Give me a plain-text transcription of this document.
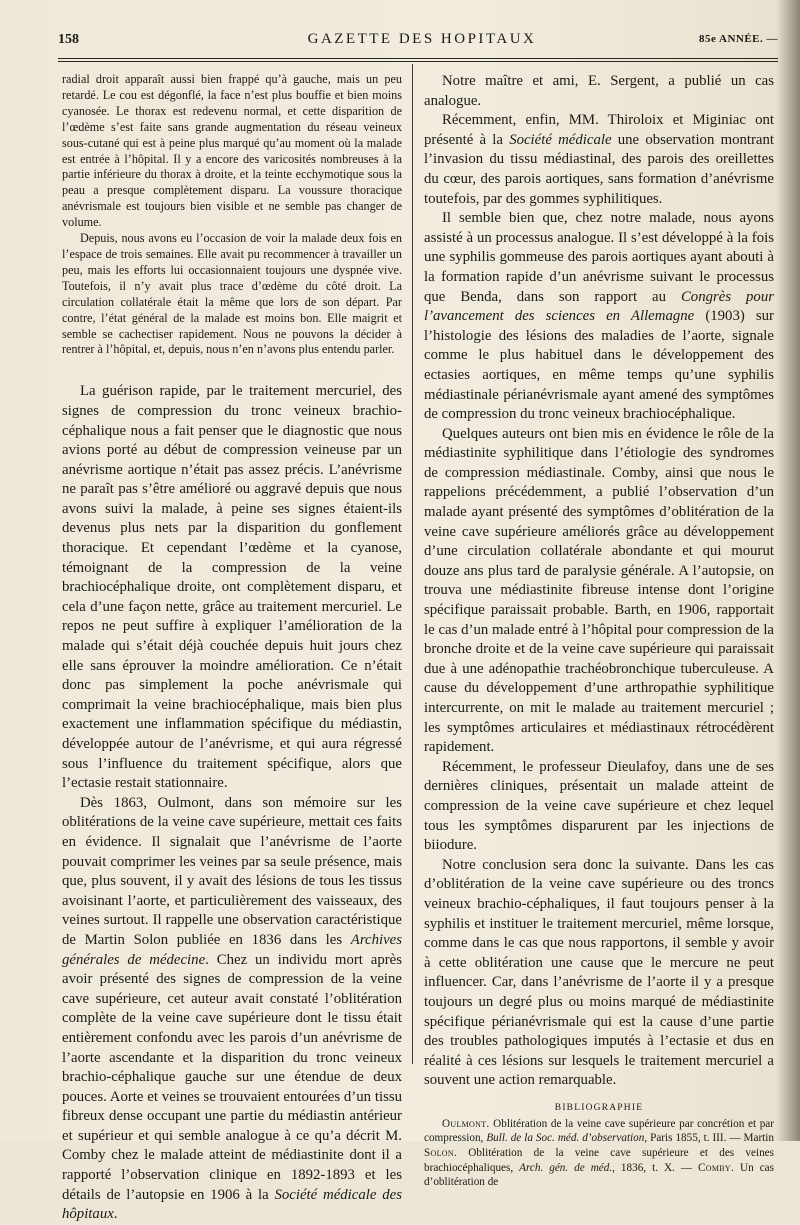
158	GAZETTE DES HOPITAUX	85e ANNÉE. —

radial droit apparaît aussi bien frappé qu’à gauche, mais un peu retardé. Le cou est dégonflé, la face n’est plus bouffie et bien moins cyanosée. Le thorax est redevenu normal, et cette disparition de l’œdème s’est faite sans grande augmentation du réseau veineux sous-cutané qui est à peine plus marqué qu’au moment où la malade est entrée à l’hôpital. Il y a encore des varicosités nombreuses à la partie inférieure du thorax à droite, et la teinte ecchymotique sous la peau a presque complètement disparu. La voussure thoracique anévrismale est toujours bien visible et ne semble pas changer de volume.

Depuis, nous avons eu l’occasion de voir la malade deux fois en l’espace de trois semaines. Elle avait pu recommencer à travailler un peu, mais les efforts lui occasionnaient toujours une dyspnée vive. Toutefois, il n’y avait plus trace d’œdème du côté droit. La circulation collatérale était la même que lors de son départ. Par contre, l’état général de la malade est moins bon. Elle maigrit et semble se cachectiser rapidement. Nous ne pouvons la décider à rentrer à l’hôpital, et, depuis, nous n’en n’avons plus entendu parler.

La guérison rapide, par le traitement mercuriel, des signes de compression du tronc veineux brachio-céphalique nous a fait penser que le diagnostic que nous avions porté au début de compression veineuse par un anévrisme aortique n’était pas assez précis. L’anévrisme ne paraît pas s’être amélioré ou aggravé depuis que nous avons suivi la malade, à peine ses signes étaient-ils devenus plus nets par la disparition du gonflement thoracique. Et cependant l’œdème et la cyanose, témoignant de la compression de la veine brachiocéphalique droite, ont complètement disparu, et cela d’une façon nette, grâce au traitement mercuriel. Le repos ne peut suffire à expliquer l’amélioration de la malade qui s’était déjà couchée depuis huit jours chez elle sans éprouver la moindre amélioration. Ce n’était donc pas simplement la poche anévrismale qui comprimait la veine brachiocéphalique, mais bien plus exactement une inflammation spécifique du médiastin, développée autour de l’anévrisme, et qui aura régressé sous l’influence du traitement spécifique, alors que l’ectasie restait stationnaire.

Dès 1863, Oulmont, dans son mémoire sur les oblitérations de la veine cave supérieure, mettait ces faits en évidence. Il signalait que l’anévrisme de l’aorte pouvait comprimer les veines par sa seule présence, mais que, plus souvent, il y avait des lésions de tous les tissus avoisinant l’aorte, et particulièrement des vaisseaux, des veines surtout. Il rappelle une observation caractéristique de Martin Solon publiée en 1836 dans les Archives générales de médecine. Chez un individu mort après avoir présenté des signes de compression de la veine cave supérieure, cet auteur avait constaté l’oblitération complète de la veine cave supérieure dont le tissu était entièrement confondu avec les parois d’un anévrisme de l’aorte ascendante et la disparition du tronc veineux brachio-céphalique gauche sur une étendue de deux pouces. Aorte et veines se trouvaient entourées d’un tissu fibreux dense occupant une partie du médiastin antérieur et supérieur et qui semble analogue à ce qu’a décrit M. Comby chez le malade atteint de médiastinite dont il a rapporté l’observation clinique en 1892-1893 et les détails de l’autopsie en 1906 à la Société médicale des hôpitaux.

Notre maître et ami, E. Sergent, a publié un cas analogue.

Récemment, enfin, MM. Thiroloix et Miginiac ont présenté à la Société médicale une observation montrant l’invasion du tissu médiastinal, des parois des oreillettes du cœur, des parois aortiques, sans formation d’anévrisme toutefois, par des gommes syphilitiques.

Il semble bien que, chez notre malade, nous ayons assisté à un processus analogue. Il s’est développé à la fois une syphilis gommeuse des parois aortiques ayant abouti à la formation rapide d’un anévrisme suivant le processus que Benda, dans son rapport au Congrès pour l’avancement des sciences en Allemagne (1903) sur l’histologie des lésions des maladies de l’aorte, signale comme le plus habituel dans le développement des ectasies aortiques, en même temps qu’une syphilis médiastinale périanévrismale ayant amené des symptômes de compression du tronc veineux brachiocéphalique.

Quelques auteurs ont bien mis en évidence le rôle de la médiastinite syphilitique dans l’étiologie des syndromes de compression médiastinale. Comby, ainsi que nous le rappelions précédemment, a publié l’observation d’un malade ayant présenté des symptômes d’oblitération de la veine cave supérieure améliorés grâce au développement d’une circulation collatérale abondante et qui mourut douze ans plus tard de paralysie générale. A l’autopsie, on trouva une médiastinite fibreuse intense dont l’origine spécifique paraissait probable. Barth, en 1906, rapportait le cas d’un malade entré à l’hôpital pour compression de la bronche droite et de la veine cave supérieure qui paraissait due à une adénopathie trachéobronchique tuberculeuse. A cause du développement d’une arthropathie syphilitique intercurrente, on mit le malade au traitement mercuriel ; les symptômes articulaires et médiastinaux rétrocédèrent rapidement.

Récemment, le professeur Dieulafoy, dans une de ses dernières cliniques, présentait un malade atteint de compression de la veine cave supérieure et chez lequel tous les symptômes disparurent par les injections de biiodure.

Notre conclusion sera donc la suivante. Dans les cas d’oblitération de la veine cave supérieure ou des troncs veineux brachio-céphaliques, il faut toujours penser à la syphilis et instituer le traitement mercuriel, même lorsque, comme dans le cas que nous rapportons, il semble y avoir à cette oblitération une cause que le mercure ne peut influencer. Car, dans l’anévrisme de l’aorte il y a presque toujours un degré plus ou moins marqué de médiastinite spécifique périanévrismale qui est la cause d’une partie des troubles pathologiques imputés à l’ectasie et dus en réalité à ces lésions sur lesquels le traitement mercuriel a souvent une action remarquable.

BIBLIOGRAPHIE

Oulmont. Oblitération de la veine cave supérieure par concrétion et par compression, Bull. de la Soc. méd. d’observation, Paris 1855, t. III. — Martin Solon. Oblitération de la veine cave supérieure et des veines brachiocéphaliques, Arch. gén. de méd., 1836, t. X. — Comby. Un cas d’oblitération de
